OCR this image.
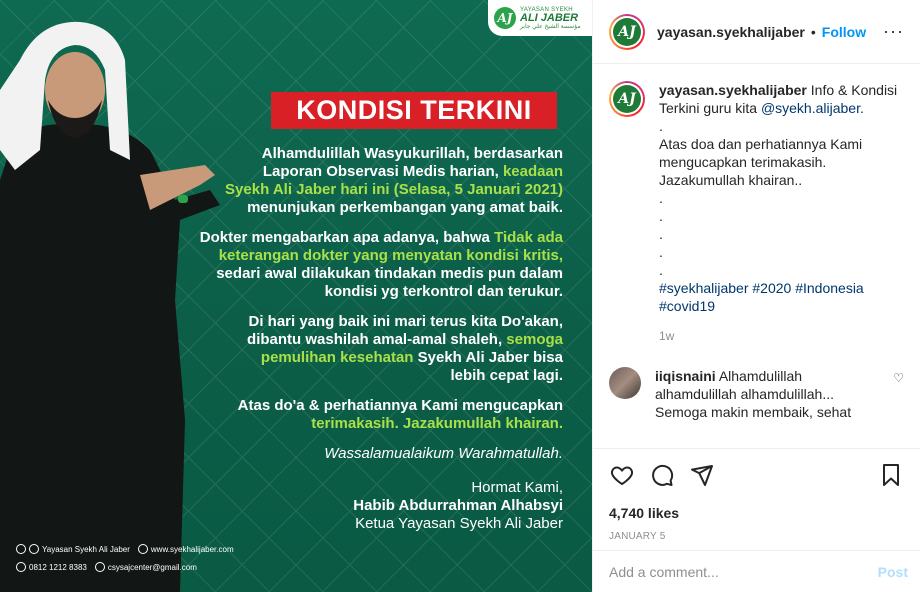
AJ
YAYASAN SYEKH
ALI JABER
مؤسسة الشيخ علي جابر
KONDISI TERKINI

Alhamdulillah Wasyukurillah, berdasarkan
Laporan Observasi Medis harian, keadaan
Syekh Ali Jaber hari ini (Selasa, 5 Januari 2021)
menunjukan perkembangan yang amat baik.

Dokter mengabarkan apa adanya, bahwa Tidak ada
keterangan dokter yang menyatan kondisi kritis,
sedari awal dilakukan tindakan medis pun dalam
kondisi yg terkontrol dan terukur.

Di hari yang baik ini mari terus kita Do'akan,
dibantu washilah amal-amal shaleh, semoga
pemulihan kesehatan Syekh Ali Jaber bisa
lebih cepat lagi.

Atas do'a & perhatiannya Kami mengucapkan
terimakasih. Jazakumullah khairan.

Wassalamualaikum Warahmatullah.

Hormat Kami,
Habib Abdurrahman Alhabsyi
Ketua Yayasan Syekh Ali Jaber

Yayasan Syekh Ali Jaber	www.syekhalijaber.com
0812 1212 8383	csysajcenter@gmail.com
AJ	yayasan.syekhalijaber • Follow ···
AJ
yayasan.syekhalijaber Info & Kondisi Terkini guru kita @syekh.alijaber.
.
Atas doa dan perhatiannya Kami mengucapkan terimakasih.
Jazakumullah khairan..
.
.
.
.
.
#syekhalijaber #2020 #Indonesia #covid19
1w
iiqisnaini Alhamdulillah alhamdulillah alhamdulillah... Semoga makin membaik, sehat
♡
4,740 likes
JANUARY 5
Add a comment...
Post
